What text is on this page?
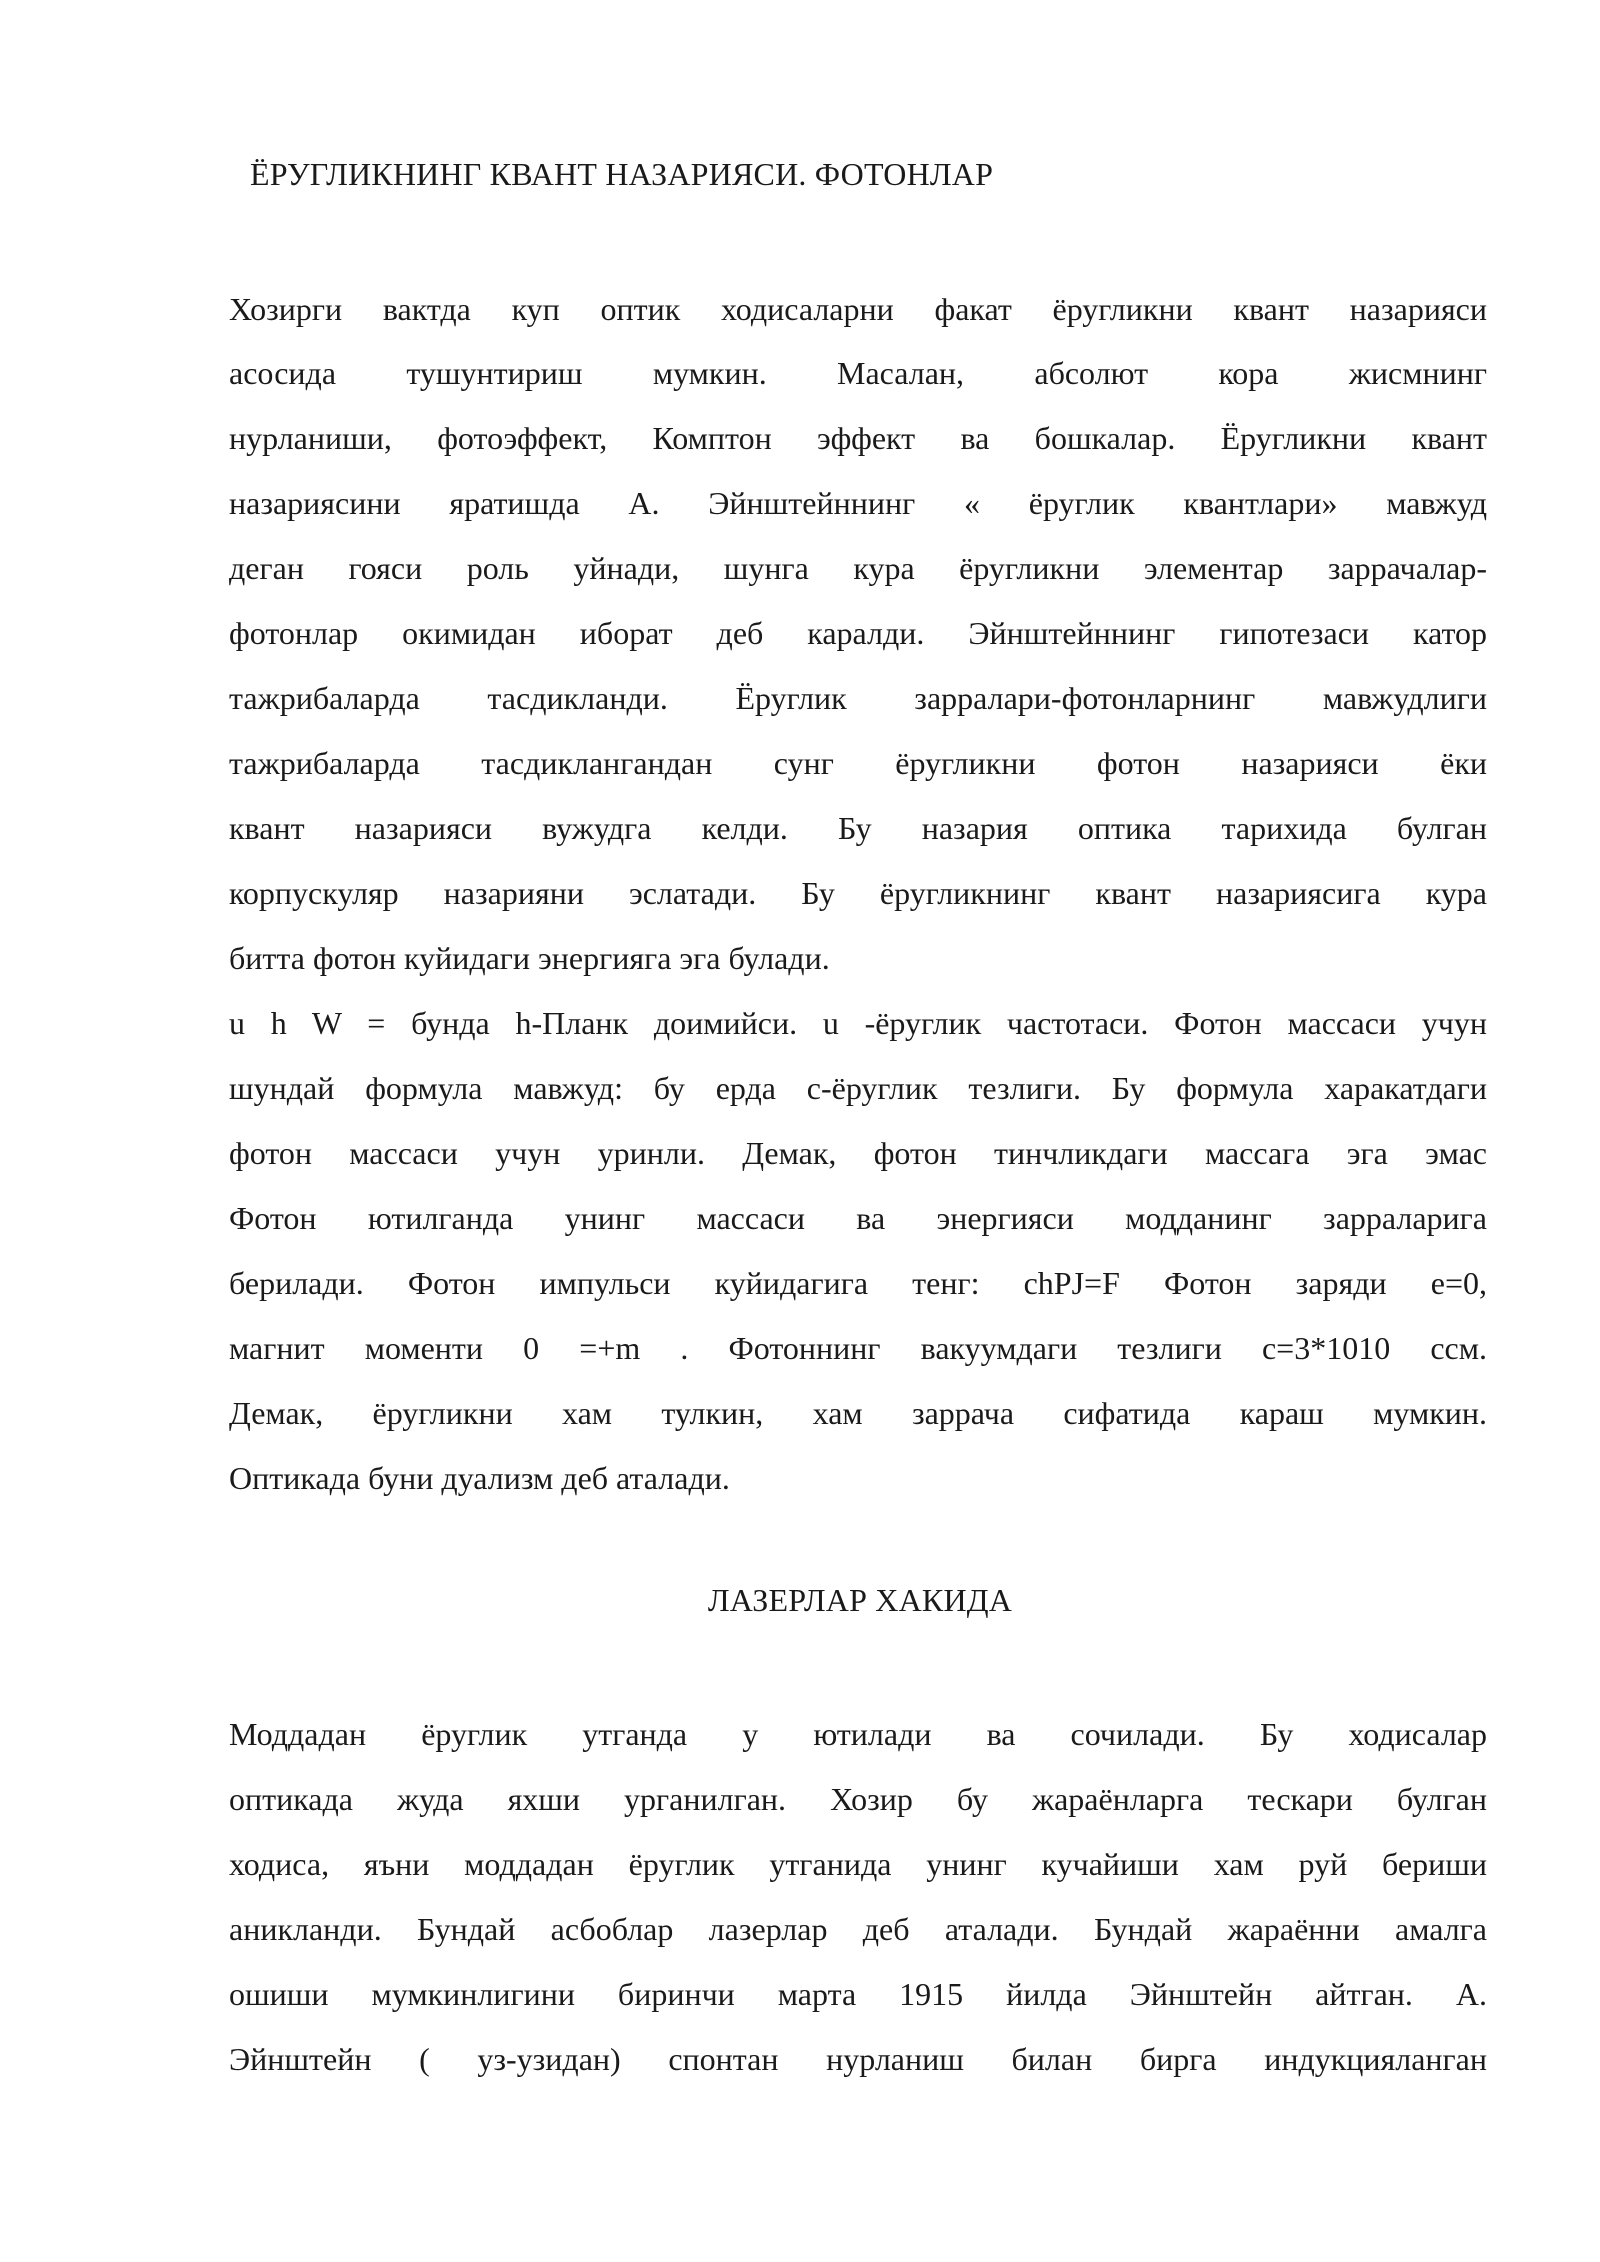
ЁРУГЛИКНИНГ КВАНТ НАЗАРИЯСИ. ФОТОНЛАР
Хозирги вактда куп оптик ходисаларни факат ёругликни квант назарияси
асосида тушунтириш мумкин. Масалан, абсолют кора жисмнинг
нурланиши, фотоэффект, Комптон эффект ва бошкалар. Ёругликни квант
назариясини яратишда А. Эйнштейннинг « ёруглик квантлари» мавжуд
деган гояси роль уйнади, шунга кура ёругликни элементар заррачалар-
фотонлар окимидан иборат деб каралди. Эйнштейннинг гипотезаси катор
тажрибаларда тасдикланди. Ёруглик зарралари-фотонларнинг мавжудлиги
тажрибаларда тасдиклангандан сунг ёругликни фотон назарияси ёки
квант назарияси вужудга келди. Бу назария оптика тарихида булган
корпускуляр назарияни эслатади. Бу ёругликнинг квант назариясига кура
битта фотон куйидаги энергияга эга булади.
u h W = бунда h-Планк доимийси. u -ёруглик частотаси. Фотон массаси учун
шундай формула мавжуд: бу ерда c-ёруглик тезлиги. Бу формула харакатдаги
фотон массаси учун уринли. Демак, фотон тинчликдаги массага эга эмас
Фотон ютилганда унинг массаси ва энергияси модданинг зарраларига
берилади. Фотон импульси куйидагига тенг: chPJ=F Фотон заряди e=0,
магнит моменти 0 =+m . Фотоннинг вакуумдаги тезлиги c=3*1010 ccм.
Демак, ёругликни хам тулкин, хам заррача сифатида караш мумкин.
Оптикада буни дуализм деб аталади.
ЛАЗЕРЛАР ХАКИДА
Моддадан ёруглик утганда у ютилади ва сочилади. Бу ходисалар
оптикада жуда яхши урганилган. Хозир бу жараёнларга тескари булган
ходиса, яъни моддадан ёруглик утганида унинг кучайиши хам руй бериши
аникланди. Бундай асбоблар лазерлар деб аталади. Бундай жараённи амалга
ошиши мумкинлигини биринчи марта 1915 йилда Эйнштейн айтган. А.
Эйнштейн ( уз-узидан) спонтан нурланиш билан бирга индукцияланган
